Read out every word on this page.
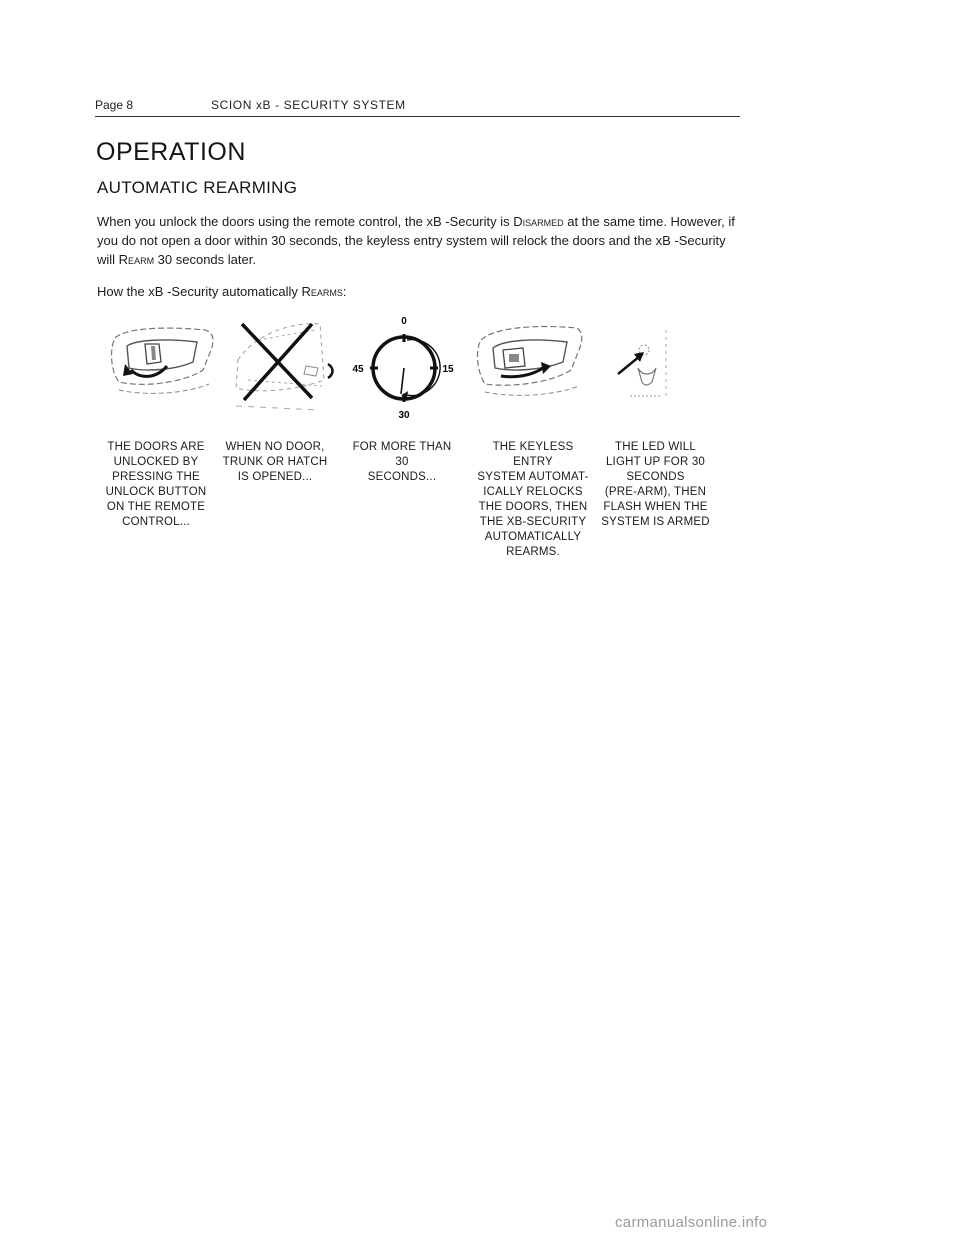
Page 8	SCION xB - SECURITY SYSTEM
OPERATION
AUTOMATIC REARMING

When you unlock the doors using the remote control, the xB -Security is Disarmed at the same time. However, if you do not open a door within 30 seconds, the keyless entry system will relock the doors and the xB -Security will Rearm 30 seconds later.

How the xB -Security automatically Rearms:

0
15
30
45
THE DOORS ARE
UNLOCKED BY
PRESSING THE
UNLOCK BUTTON
ON THE REMOTE
CONTROL...
WHEN NO DOOR,
TRUNK OR HATCH
IS OPENED...
FOR MORE THAN
30
SECONDS...
THE KEYLESS
ENTRY
SYSTEM AUTOMAT-
ICALLY RELOCKS
THE DOORS, THEN
THE XB-SECURITY
AUTOMATICALLY
REARMS.
THE LED WILL
LIGHT UP FOR 30
SECONDS
(PRE-ARM), THEN
FLASH WHEN THE
SYSTEM IS ARMED
carmanualsonline.info
